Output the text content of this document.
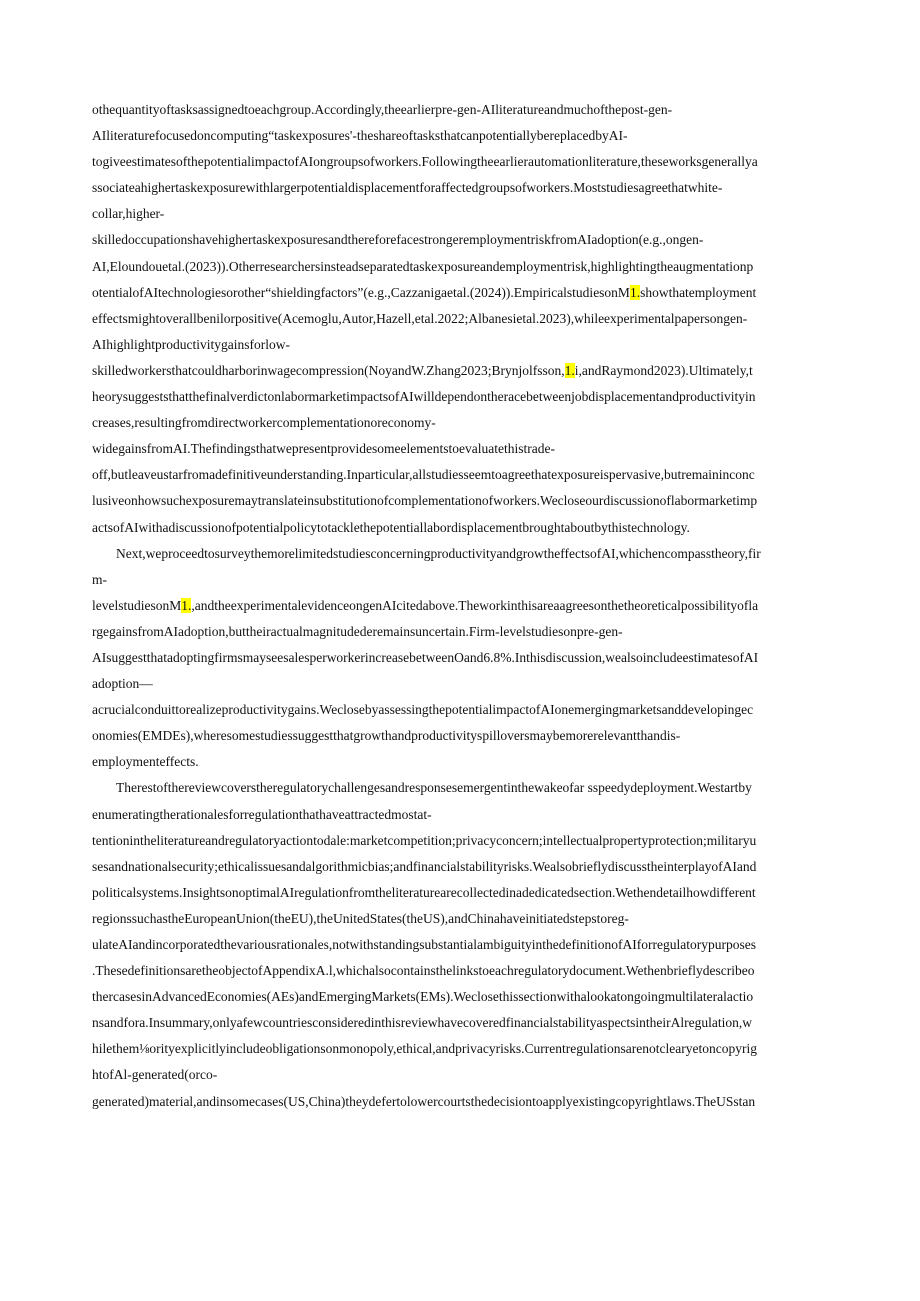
othequantityoftasksassignedtoeachgroup.Accordingly,theearlierpre-gen-AIliteratureandmuchofthepost-gen-
AIliteraturefocusedoncomputing“taskexposures'-theshareoftasksthatcanpotentiallybereplacedbyAI-
togiveestimatesofthepotentialimpactofAIongroupsofworkers.Followingtheearlierautomationliterature,theseworksgenerallya
ssociateahighertaskexposurewithlargerpotentialdisplacementforaffectedgroupsofworkers.Moststudiesagreethatwhite-
collar,higher-
skilledoccupationshavehighertaskexposuresandthereforefacestrongeremploymentriskfromAIadoption(e.g.,ongen-
AI,Eloundouetal.(2023)).Otherresearchersinsteadseparatedtaskexposureandemploymentrisk,highlightingtheaugmentationp
otentialofAItechnologiesorother“shieldingfactors”(e.g.,Cazzanigaetal.(2024)).EmpiricalstudiesonM1.showthatemployment
effectsmightoverallbenilorpositive(Acemoglu,Autor,Hazell,etal.2022;Albanesietal.2023),whileexperimentalpapersongen-
AIhighlightproductivitygainsforlow-
skilledworkersthatcouldharborinwagecompression(NoyandW.Zhang2023;Brynjolfsson,1.i,andRaymond2023).Ultimately,t
heorysuggeststhatthefinalverdictonlabormarketimpactsofAIwilldependontheracebetweenjobdisplacementandproductivityin
creases,resultingfromdirectworkercomplementationoreconomy-
widegainsfromAI.Thefindingsthatwepresentprovidesomeelementstoevaluatethistrade-
off,butleaveustarfromadefinitiveunderstanding.Inparticular,allstudiesseemtoagreethatexposureispervasive,butremaininconc
lusiveonhowsuchexposuremaytranslateinsubstitutionofcomplementationofworkers.Wecloseourdiscussionoflabormarketimp
actsofAIwithadiscussionofpotentialpolicytotacklethepotentiallabordisplacementbroughtaboutbythistechnology.

Next,weproceedtosurveythemorelimitedstudiesconcerningproductivityandgrowtheffectsofAI,whichencompasstheory,fir
m-
levelstudiesonM1.,andtheexperimentalevidenceongenAIcitedabove.Theworkinthisareaagreesonthetheoreticalpossibilityofla
rgegainsfromAIadoption,buttheiractualmagnitudederemainsuncertain.Firm-levelstudiesonpre-gen-
AIsuggestthatadoptingfirmsmayseesalesperworkerincreasebetweenOand6.8%.Inthisdiscussion,wealsoincludeestimatesofAI
adoption—
acrucialconduittorealizeproductivitygains.WeclosebyassessingthepotentialimpactofAIonemergingmarketsanddevelopingec
onomies(EMDEs),wheresomestudiessuggestthatgrowthandproductivityspilloversmaybemorerelevantthandis-
employmenteffects.

Therestofthereviewcoverstheregulatorychallengesandresponsesemergentinthewakeofar sspeedydeployment.Westartby
enumeratingtherationalesforregulationthathaveattractedmostat-
tentionintheliteratureandregulatoryactiontodale:marketcompetition;privacyconcern;intellectualpropertyprotection;militaryu
sesandnationalsecurity;ethicalissuesandalgorithmicbias;andfinancialstabilityrisks.WealsobrieflydiscusstheinterplayofAIand
politicalsystems.InsightsonoptimalAIregulationfromtheliteraturearecollectedinadedicatedsection.Wethendetailhowdifferent
regionssuchastheEuropeanUnion(theEU),theUnitedStates(theUS),andChinahaveinitiatedstepstoreg-
ulateAIandincorporatedthevariousrationales,notwithstandingsubstantialambiguityinthedefinitionofAIforregulatorypurposes
.ThesedefinitionsaretheobjectofAppendixA.l,whichalsocontainsthelinkstoeachregulatorydocument.Wethenbrieflydescribeo
thercasesinAdvancedEconomies(AEs)andEmergingMarkets(EMs).Weclosethissectionwithalookatongoingmultilateralactio
nsandfora.Insummary,onlyafewcountriesconsideredinthisreviewhavecoveredfinancialstabilityaspectsintheirAlregulation,w
hilethem⅛orityexplicitlyincludeobligationsonmonopoly,ethical,andprivacyrisks.Currentregulationsarenotclearyetoncopyrig
htofAl-generated(orco-
generated)material,andinsomecases(US,China)theydefertolowercourtsthedecisiontoapplyexistingcopyrightlaws.TheUSstan
